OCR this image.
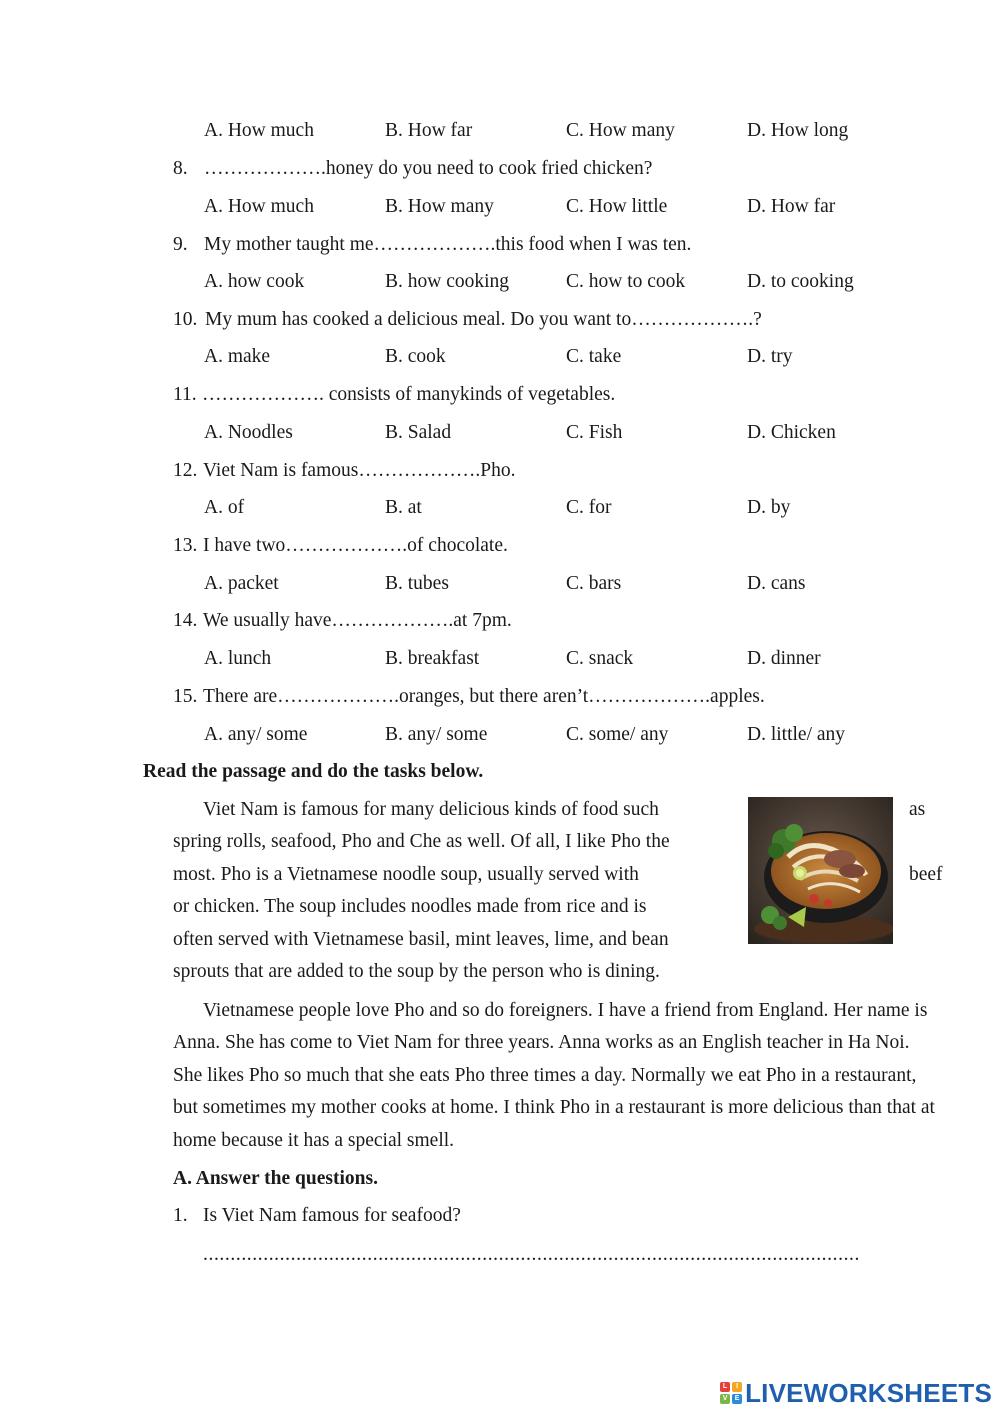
A. How much	B. How far	C. How many	D. How long
8. ……………….honey do you need to cook fried chicken?
A. How much	B. How many	C. How little	D. How far
9. My mother taught me……………….this food when I was ten.
A. how cook	B. how cooking	C. how to cook	D. to cooking
10. My mum has cooked a delicious meal. Do you want to……………….?
A. make	B. cook	C. take	D. try
11. ………………. consists of manykinds of vegetables.
A. Noodles	B. Salad	C. Fish	D. Chicken
12. Viet Nam is famous……………….Pho.
A. of	B. at	C. for	D. by
13. I have two……………….of chocolate.
A. packet	B. tubes	C. bars	D. cans
14. We usually have……………….at 7pm.
A. lunch	B. breakfast	C. snack	D. dinner
15. There are……………….oranges, but there aren’t……………….apples.
A. any/ some	B. any/ some	C. some/ any	D. little/ any
Read the passage and do the tasks below.
Viet Nam is famous for many delicious kinds of food such	as
spring rolls, seafood, Pho and Che as well. Of all, I like Pho the
most. Pho is a Vietnamese noodle soup, usually served with	beef
or chicken. The soup includes noodles made from rice and is
often served with Vietnamese basil, mint leaves, lime, and bean
sprouts that are added to the soup by the person who is dining.

Vietnamese people love Pho and so do foreigners. I have a friend from England. Her name is Anna. She has come to Viet Nam for three years. Anna works as an English teacher in Ha Noi. She likes Pho so much that she eats Pho three times a day. Normally we eat Pho in a restaurant, but sometimes my mother cooks at home. I think Pho in a restaurant is more delicious than that at home because it has a special smell.

A. Answer the questions.
1. Is Viet Nam famous for seafood?
........................................................................................................................
L	I
V	E LIVEWORKSHEETS
